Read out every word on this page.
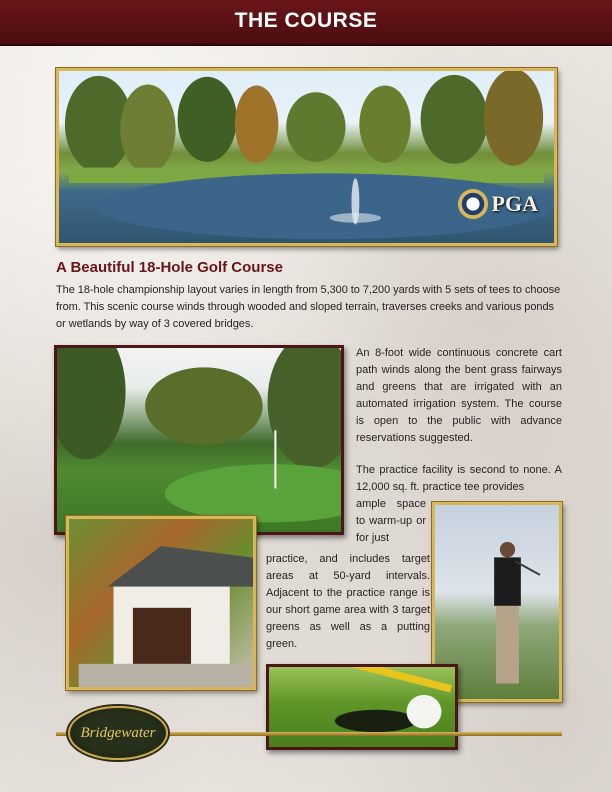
THE COURSE
PGA
A Beautiful 18-Hole Golf Course
The 18-hole championship layout varies in length from 5,300 to 7,200 yards with 5 sets of tees to choose from. This scenic course winds through wooded and sloped terrain, traverses creeks and various ponds or wetlands by way of 3 covered bridges.
An 8-foot wide continuous concrete cart path winds along the bent grass fairways and greens that are irrigated with an automated irrigation system. The course is open to the public with advance reservations suggested.
The practice facility is second to none. A 12,000 sq. ft. practice tee provides
ample space to warm-up or for just
practice, and includes target areas at 50-yard intervals. Adjacent to the practice range is our short game area with 3 target greens as well as a putting green.
Bridgewater
